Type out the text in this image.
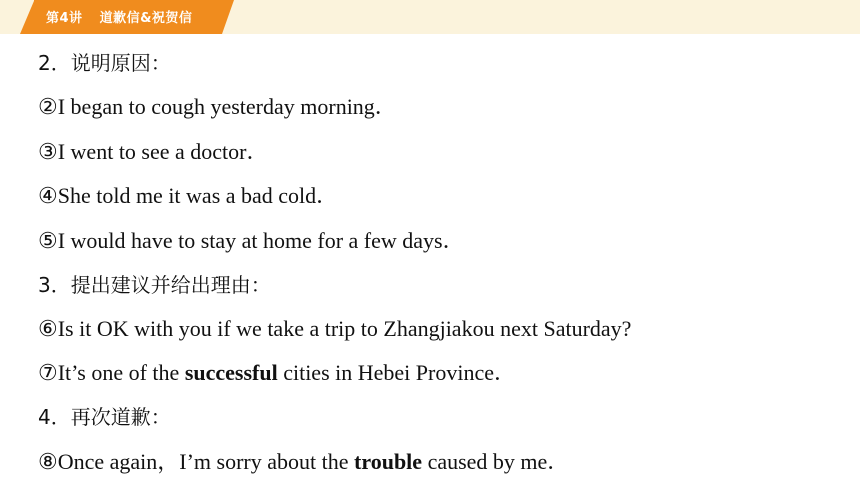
第4讲 道歉信&祝贺信
2．说明原因：
②I began to cough yesterday morning．
③I went to see a doctor．
④She told me it was a bad cold．
⑤I would have to stay at home for a few days．
3．提出建议并给出理由：
⑥Is it OK with you if we take a trip to Zhangjiakou next Saturday?
⑦It’s one of the successful cities in Hebei Province．
4．再次道歉：
⑧Once again，I’m sorry about the trouble caused by me．
